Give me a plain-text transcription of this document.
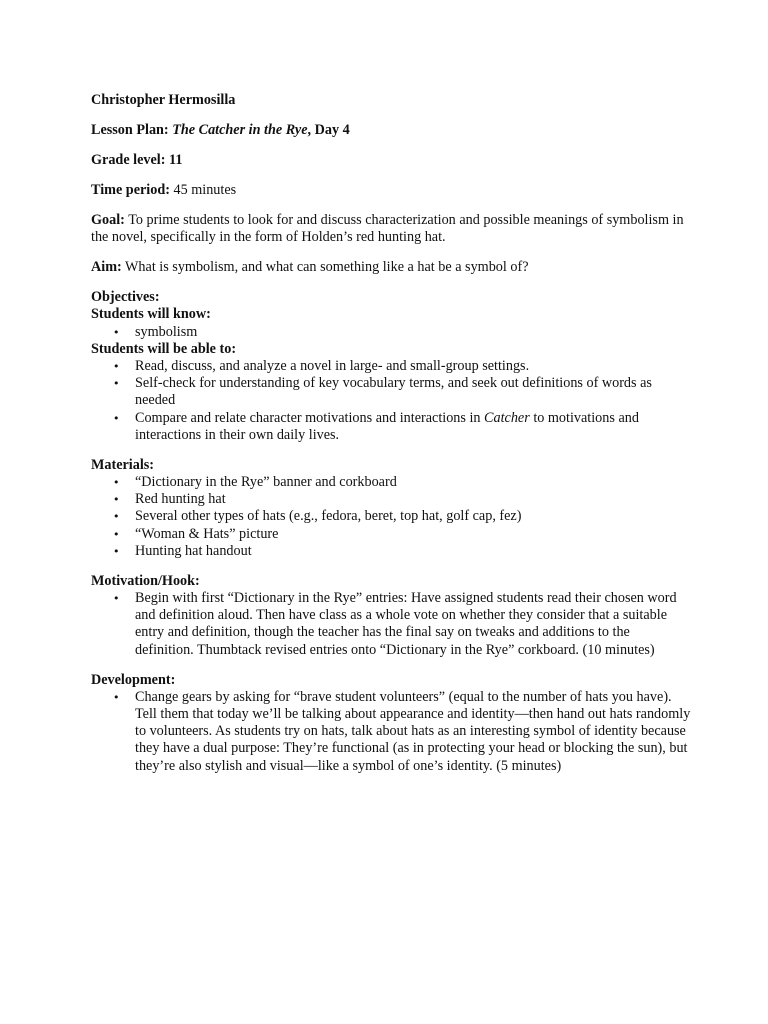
Christopher Hermosilla

Lesson Plan: The Catcher in the Rye, Day 4

Grade level: 11

Time period: 45 minutes

Goal: To prime students to look for and discuss characterization and possible meanings of symbolism in the novel, specifically in the form of Holden’s red hunting hat.

Aim: What is symbolism, and what can something like a hat be a symbol of?

Objectives:

Students will know:

• symbolism

Students will be able to:

• Read, discuss, and analyze a novel in large- and small-group settings.
• Self-check for understanding of key vocabulary terms, and seek out definitions of words as needed
• Compare and relate character motivations and interactions in Catcher to motivations and interactions in their own daily lives.

Materials:

• “Dictionary in the Rye” banner and corkboard
• Red hunting hat
• Several other types of hats (e.g., fedora, beret, top hat, golf cap, fez)
• “Woman & Hats” picture
• Hunting hat handout

Motivation/Hook:

• Begin with first “Dictionary in the Rye” entries: Have assigned students read their chosen word and definition aloud. Then have class as a whole vote on whether they consider that a suitable entry and definition, though the teacher has the final say on tweaks and additions to the definition. Thumbtack revised entries onto “Dictionary in the Rye” corkboard. (10 minutes)

Development:

• Change gears by asking for “brave student volunteers” (equal to the number of hats you have). Tell them that today we’ll be talking about appearance and identity—then hand out hats randomly to volunteers. As students try on hats, talk about hats as an interesting symbol of identity because they have a dual purpose: They’re functional (as in protecting your head or blocking the sun), but they’re also stylish and visual—like a symbol of one’s identity. (5 minutes)
